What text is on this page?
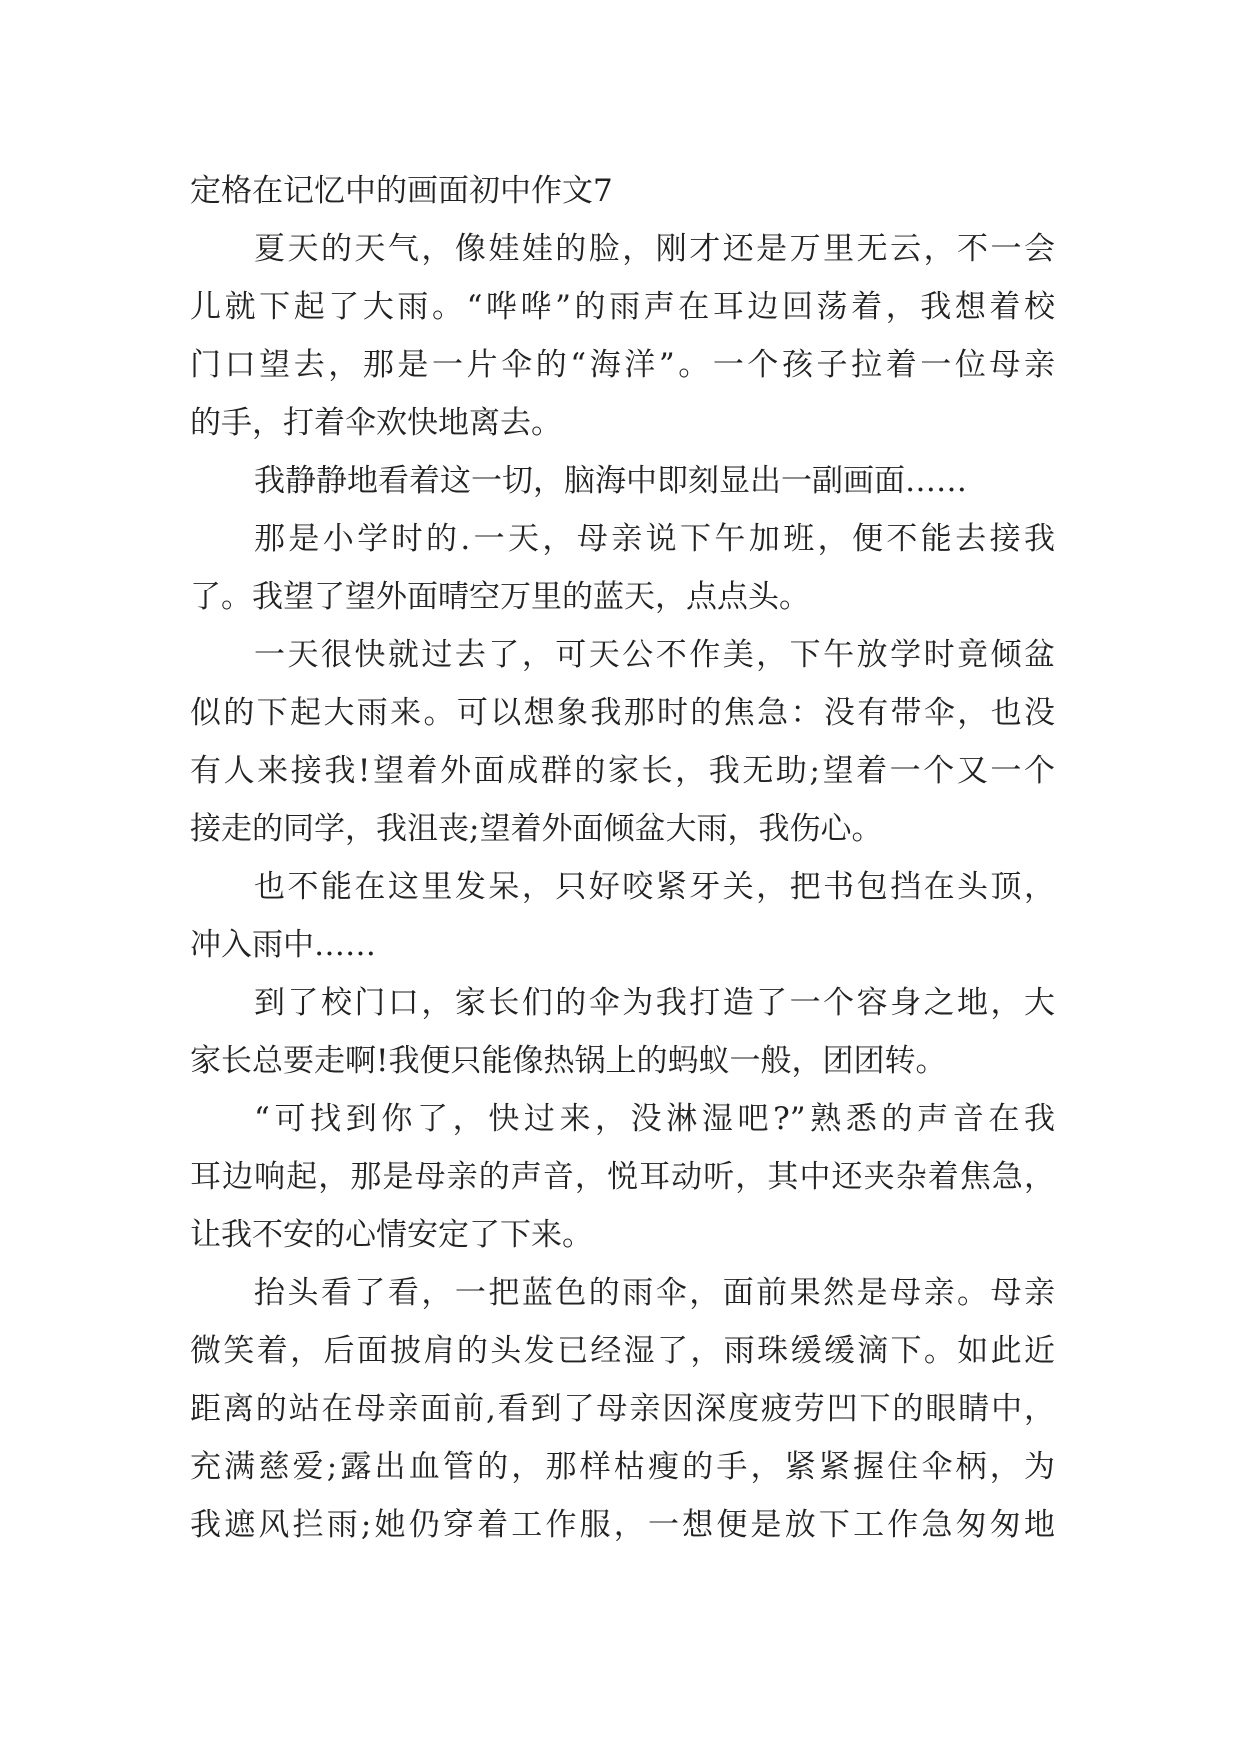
定格在记忆中的画面初中作文7
夏天的天气，像娃娃的脸，刚才还是万里无云，不一会
儿就下起了大雨。“哗哗”的雨声在耳边回荡着，我想着校
门口望去，那是一片伞的“海洋”。一个孩子拉着一位母亲
的手，打着伞欢快地离去。
我静静地看着这一切，脑海中即刻显出一副画面……
那是小学时的.一天，母亲说下午加班，便不能去接我
了。我望了望外面晴空万里的蓝天，点点头。
一天很快就过去了，可天公不作美，下午放学时竟倾盆
似的下起大雨来。可以想象我那时的焦急：没有带伞，也没
有人来接我!望着外面成群的家长，我无助;望着一个又一个
接走的同学，我沮丧;望着外面倾盆大雨，我伤心。
也不能在这里发呆，只好咬紧牙关，把书包挡在头顶，
冲入雨中……
到了校门口，家长们的伞为我打造了一个容身之地，大
家长总要走啊!我便只能像热锅上的蚂蚁一般，团团转。
“可找到你了，快过来，没淋湿吧?”熟悉的声音在我
耳边响起，那是母亲的声音，悦耳动听，其中还夹杂着焦急，
让我不安的心情安定了下来。
抬头看了看，一把蓝色的雨伞，面前果然是母亲。母亲
微笑着，后面披肩的头发已经湿了，雨珠缓缓滴下。如此近
距离的站在母亲面前,看到了母亲因深度疲劳凹下的眼睛中，
充满慈爱;露出血管的，那样枯瘦的手，紧紧握住伞柄，为
我遮风拦雨;她仍穿着工作服，一想便是放下工作急匆匆地
